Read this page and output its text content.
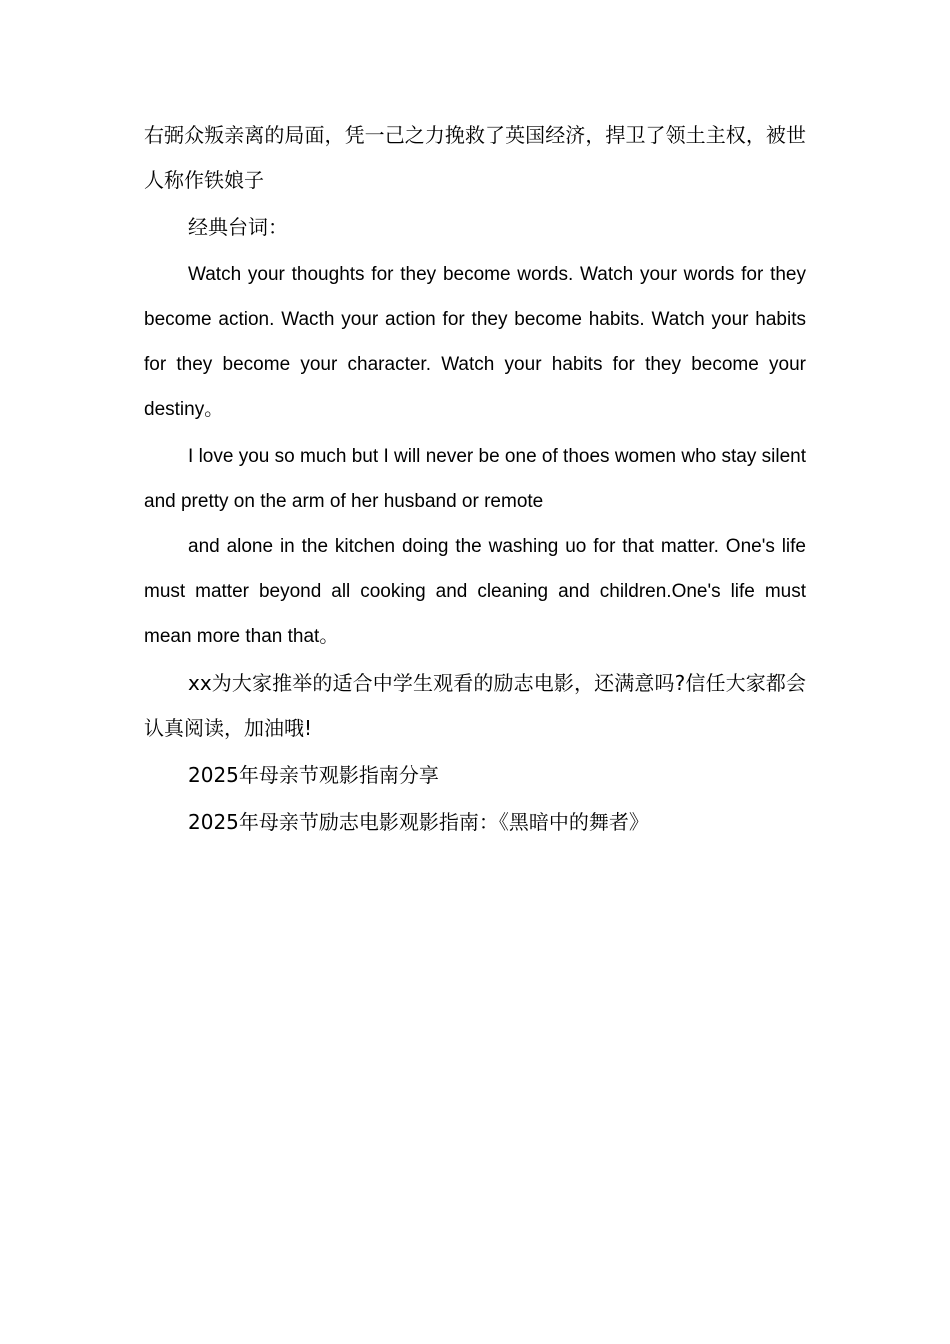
右弼众叛亲离的局面，凭一己之力挽救了英国经济，捍卫了领土主权，被世人称作铁娘子

经典台词：

Watch your thoughts for they become words. Watch your words for they become action. Wacth your action for they become habits. Watch your habits for they become your character. Watch your habits for they become your destiny。

I love you so much but I will never be one of thoes women who stay silent and pretty on the arm of her husband or remote

and alone in the kitchen doing the washing uo for that matter. One's life must matter beyond all cooking and cleaning and children.One's life must mean more than that。

xx为大家推举的适合中学生观看的励志电影，还满意吗?信任大家都会认真阅读，加油哦!

2025年母亲节观影指南分享

2025年母亲节励志电影观影指南：《黑暗中的舞者》
